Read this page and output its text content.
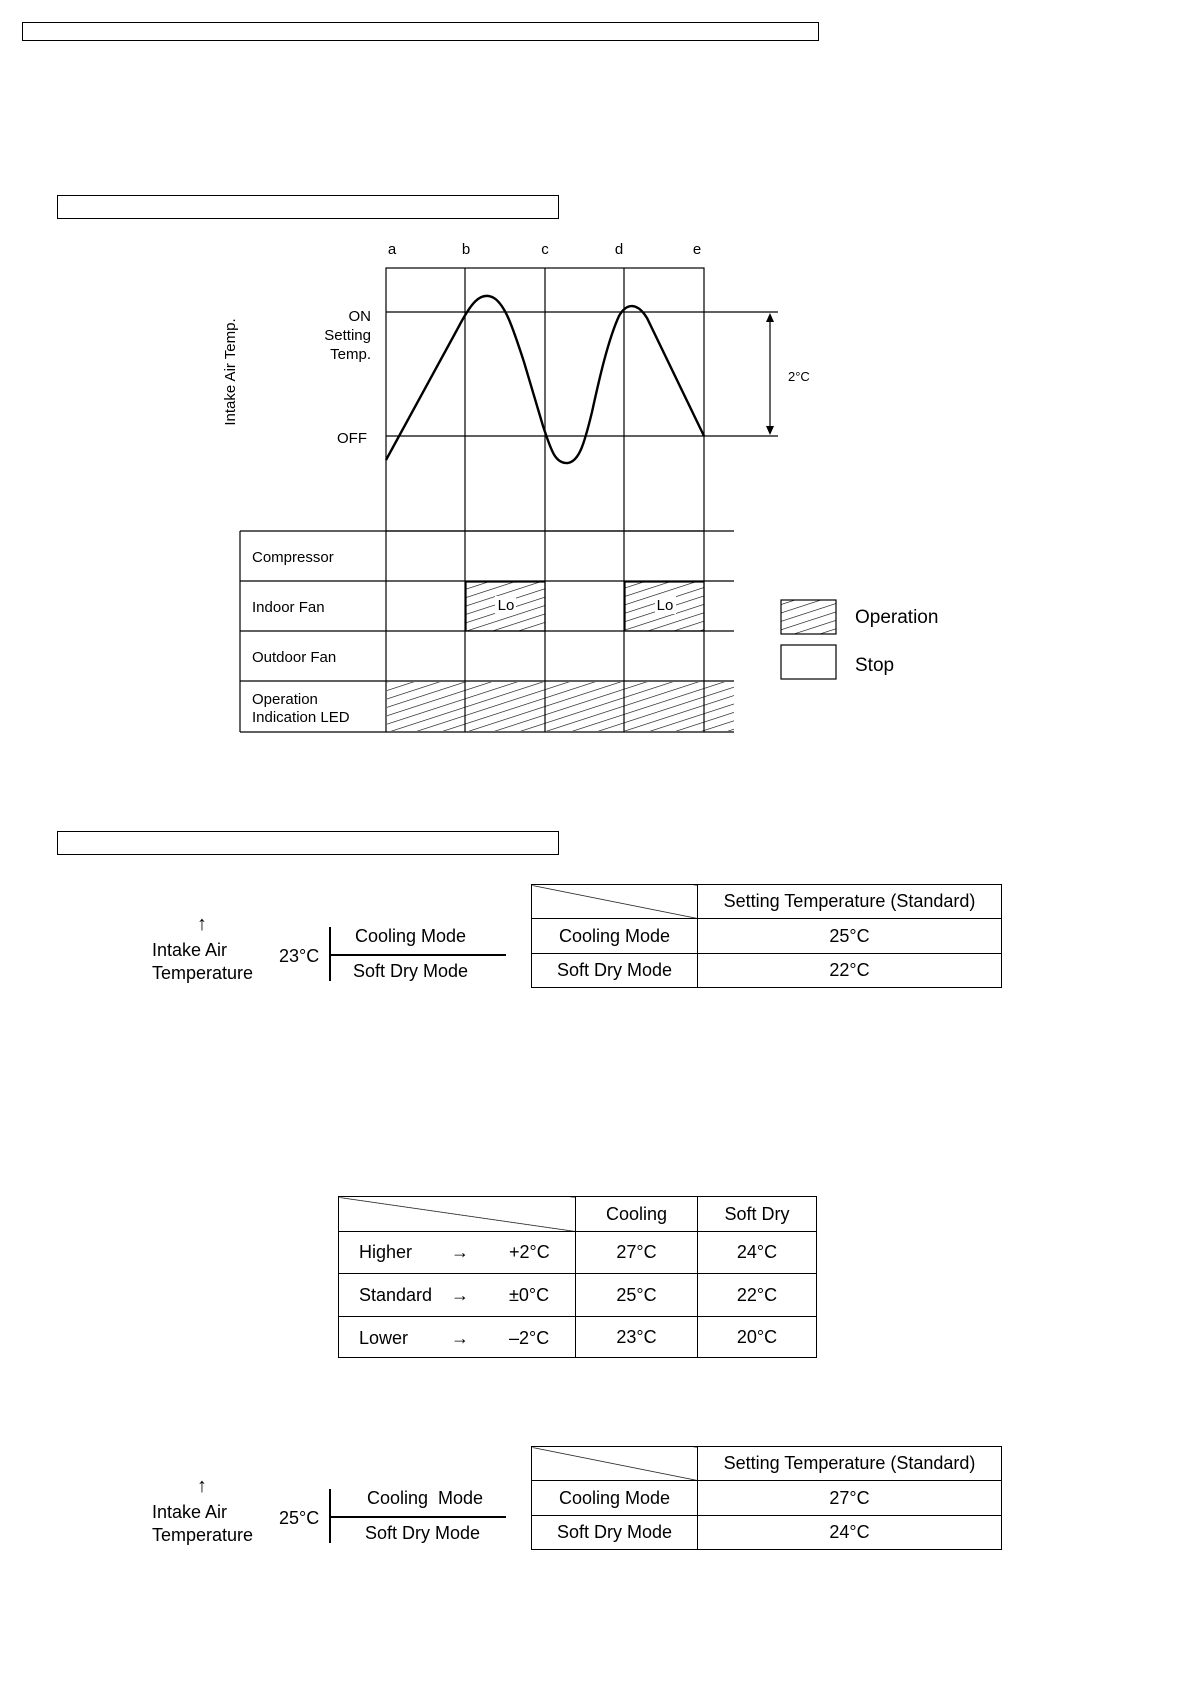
a	b	c	d	e
Intake Air Temp.
ON
Setting
Temp.
OFF
2°C
Compressor
Indoor Fan
Outdoor Fan
Operation
Indication LED
Lo	Lo
Operation
Stop
↑
Intake Air
Temperature
23°C
Cooling Mode
Soft Dry Mode
	Setting Temperature (Standard)
Cooling Mode	25°C
Soft Dry Mode	22°C
	Cooling	Soft Dry

Higher → +2°C	27°C	24°C

Standard → ±0°C	25°C	22°C

Lower → –2°C	23°C	20°C
↑
Intake Air
Temperature
25°C
Cooling  Mode
Soft Dry Mode
	Setting Temperature (Standard)
Cooling Mode	27°C
Soft Dry Mode	24°C
